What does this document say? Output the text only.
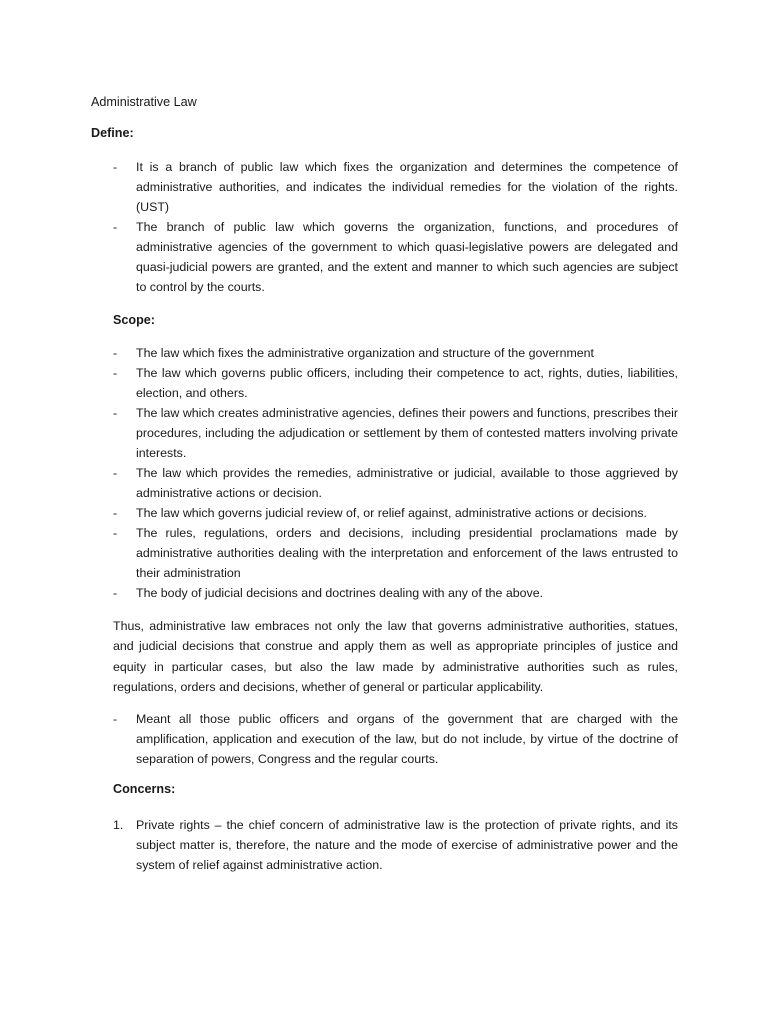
Administrative Law
Define:
- It is a branch of public law which fixes the organization and determines the competence of administrative authorities, and indicates the individual remedies for the violation of the rights. (UST)
- The branch of public law which governs the organization, functions, and procedures of administrative agencies of the government to which quasi-legislative powers are delegated and quasi-judicial powers are granted, and the extent and manner to which such agencies are subject to control by the courts.
Scope:
- The law which fixes the administrative organization and structure of the government
- The law which governs public officers, including their competence to act, rights, duties, liabilities, election, and others.
- The law which creates administrative agencies, defines their powers and functions, prescribes their procedures, including the adjudication or settlement by them of contested matters involving private interests.
- The law which provides the remedies, administrative or judicial, available to those aggrieved by administrative actions or decision.
- The law which governs judicial review of, or relief against, administrative actions or decisions.
- The rules, regulations, orders and decisions, including presidential proclamations made by administrative authorities dealing with the interpretation and enforcement of the laws entrusted to their administration
- The body of judicial decisions and doctrines dealing with any of the above.

Thus, administrative law embraces not only the law that governs administrative authorities, statues, and judicial decisions that construe and apply them as well as appropriate principles of justice and equity in particular cases, but also the law made by administrative authorities such as rules, regulations, orders and decisions, whether of general or particular applicability.

- Meant all those public officers and organs of the government that are charged with the amplification, application and execution of the law, but do not include, by virtue of the doctrine of separation of powers, Congress and the regular courts.
Concerns:
1. Private rights – the chief concern of administrative law is the protection of private rights, and its subject matter is, therefore, the nature and the mode of exercise of administrative power and the system of relief against administrative action.
